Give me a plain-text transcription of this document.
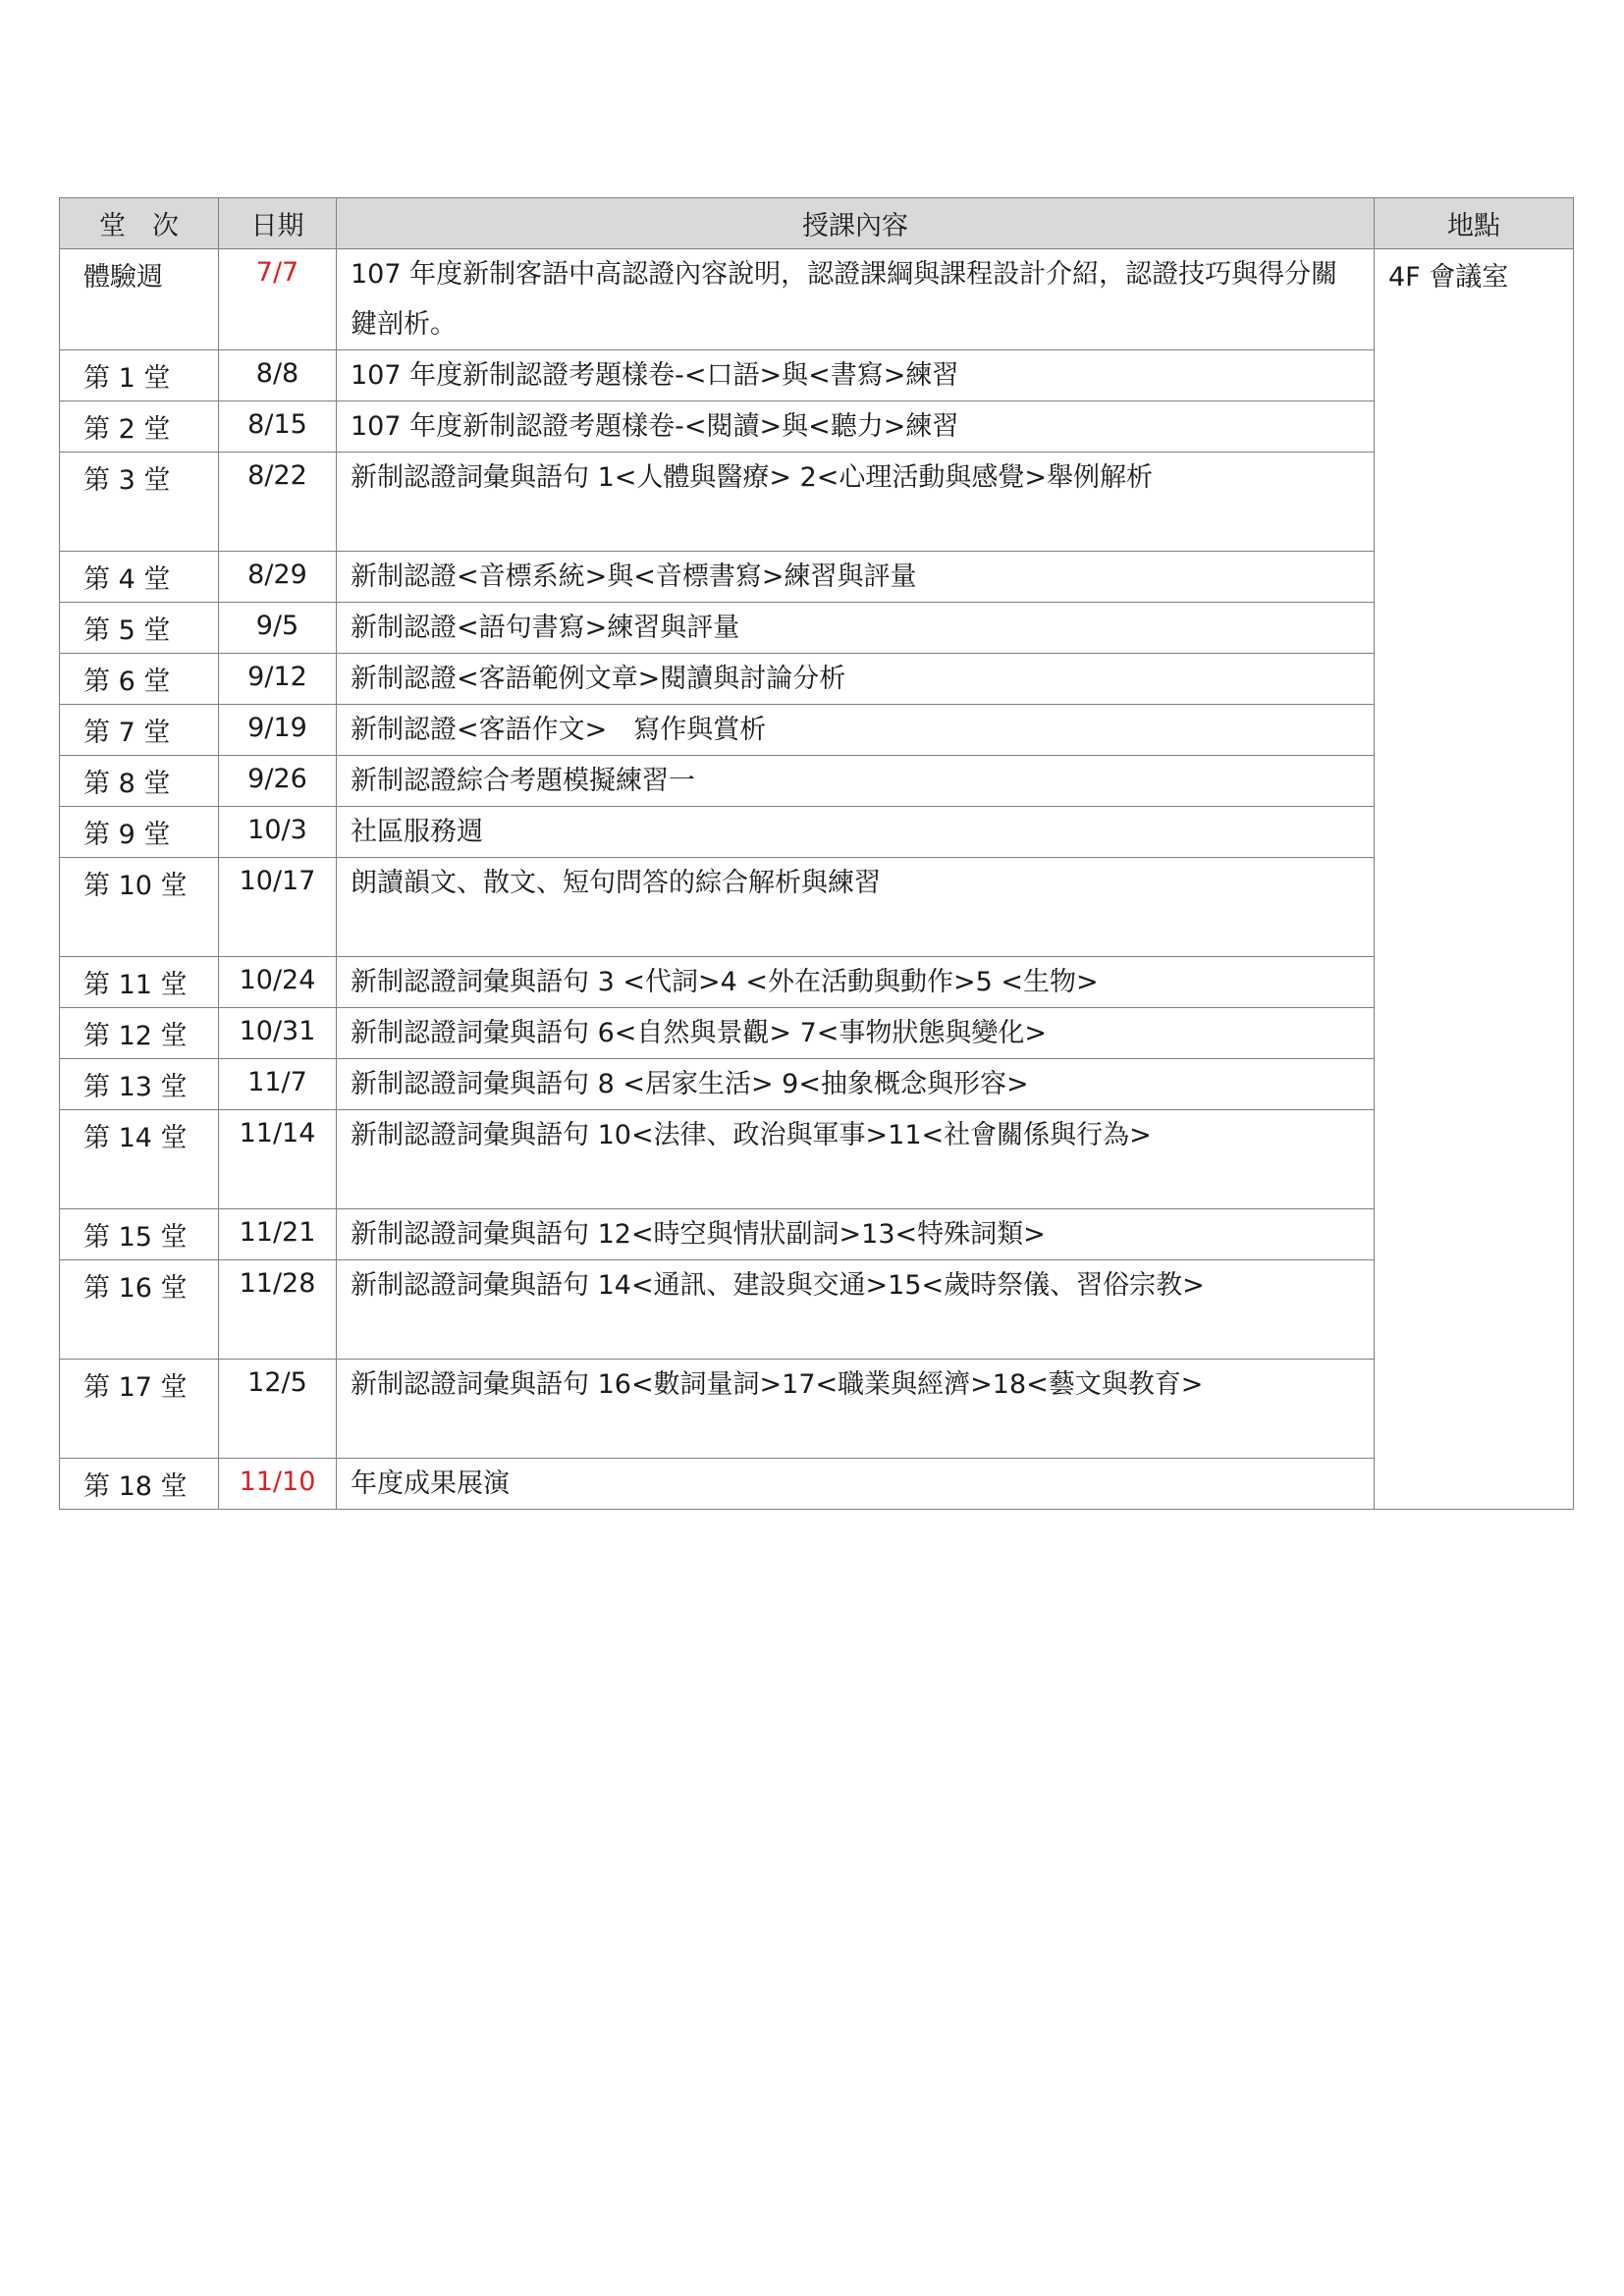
堂　次	日期	授課內容	地點
體驗週	7/7	107 年度新制客語中高認證內容說明，認證課綱與課程設計介紹，認證技巧與得分關鍵剖析。	4F 會議室
第 1 堂	8/8	107 年度新制認證考題樣卷-<口語>與<書寫>練習	

第 2 堂	8/15	107 年度新制認證考題樣卷-<閱讀>與<聽力>練習	

第 3 堂	8/22	新制認證詞彙與語句 1<人體與醫療> 2<心理活動與感覺>舉例解析	

第 4 堂	8/29	新制認證<音標系統>與<音標書寫>練習與評量	

第 5 堂	9/5	新制認證<語句書寫>練習與評量	

第 6 堂	9/12	新制認證<客語範例文章>閱讀與討論分析	

第 7 堂	9/19	新制認證<客語作文>　寫作與賞析	

第 8 堂	9/26	新制認證綜合考題模擬練習一	

第 9 堂	10/3	社區服務週	

第 10 堂	10/17	朗讀韻文、散文、短句問答的綜合解析與練習	

第 11 堂	10/24	新制認證詞彙與語句 3 <代詞>4 <外在活動與動作>5 <生物>	

第 12 堂	10/31	新制認證詞彙與語句 6<自然與景觀> 7<事物狀態與變化>	

第 13 堂	11/7	新制認證詞彙與語句 8 <居家生活> 9<抽象概念與形容>	

第 14 堂	11/14	新制認證詞彙與語句 10<法律、政治與軍事>11<社會關係與行為>	

第 15 堂	11/21	新制認證詞彙與語句 12<時空與情狀副詞>13<特殊詞類>	

第 16 堂	11/28	新制認證詞彙與語句 14<通訊、建設與交通>15<歲時祭儀、習俗宗教>	

第 17 堂	12/5	新制認證詞彙與語句 16<數詞量詞>17<職業與經濟>18<藝文與教育>	

第 18 堂	11/10	年度成果展演	
